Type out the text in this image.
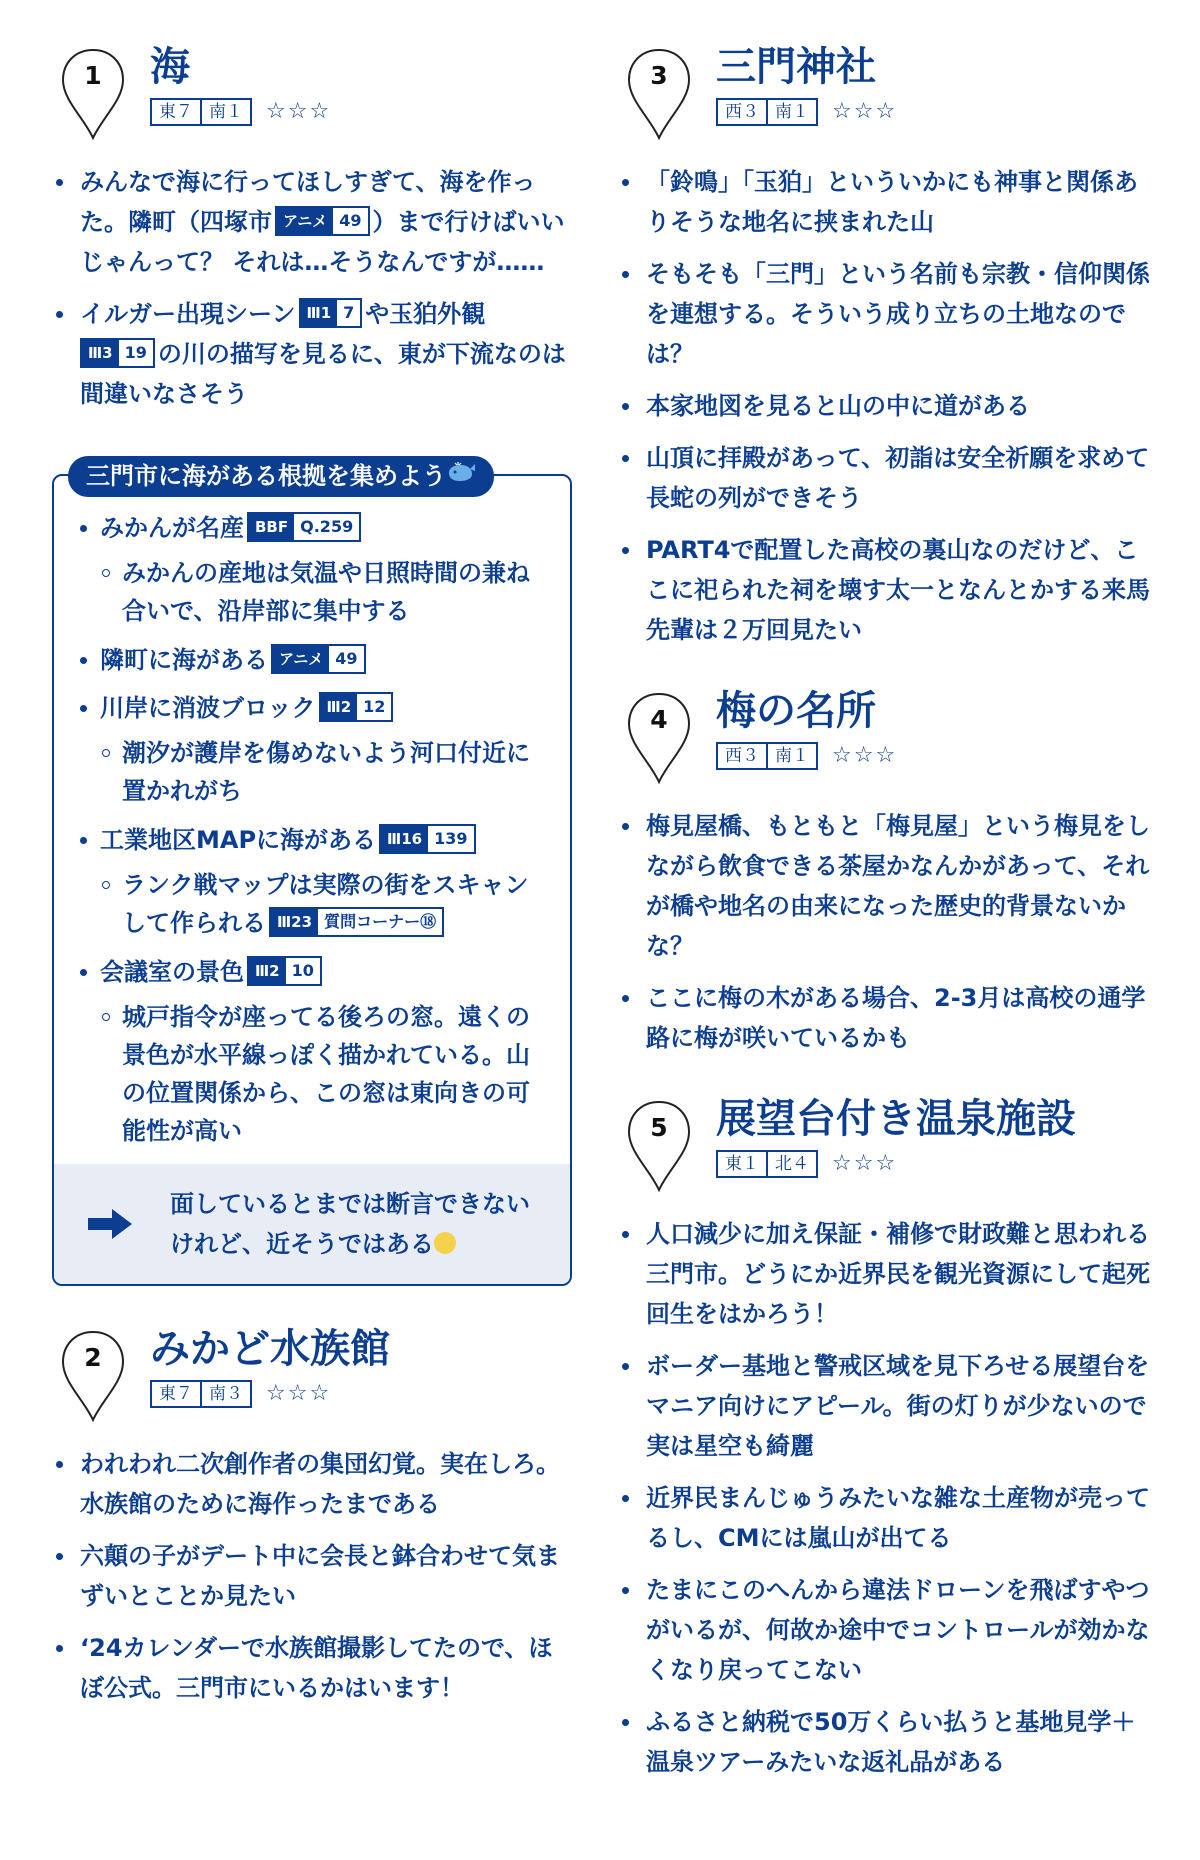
1	海
東７ 南１	☆☆☆
みんなで海に行ってほしすぎて、海を作った。隣町（四塚市 アニメ 49 ）まで行けばいいじゃんって？ それは…そうなんですが……
イルガー出現シーン Ⅲ1 7 や玉狛外観

Ⅲ3 19 の川の描写を見るに、東が下流なのは間違いなさそう
三門市に海がある根拠を集めよう
みかんが名産 BBF Q.259
みかんの産地は気温や日照時間の兼ね合いで、沿岸部に集中する
隣町に海がある アニメ 49
川岸に消波ブロック Ⅲ2 12
潮汐が護岸を傷めないよう河口付近に置かれがち
工業地区MAPに海がある Ⅲ16 139
ランク戦マップは実際の街をスキャンして作られる Ⅲ23 質問コーナー⑱
会議室の景色 Ⅲ2 10
城戸指令が座ってる後ろの窓。遠くの景色が水平線っぽく描かれている。山の位置関係から、この窓は東向きの可能性が高い
面しているとまでは断言できないけれど、近そうではある
2	みかど水族館
東７ 南３	☆☆☆
われわれ二次創作者の集団幻覚。実在しろ。水族館のために海作ったまである
六顛の子がデート中に会長と鉢合わせて気まずいとことか見たい
ʻ24カレンダーで水族館撮影してたので、ほぼ公式。三門市にいるかはいます！
3	三門神社
西３ 南１	☆☆☆
「鈴鳴」「玉狛」といういかにも神事と関係ありそうな地名に挟まれた山
そもそも「三門」という名前も宗教・信仰関係を連想する。そういう成り立ちの土地なのでは？
本家地図を見ると山の中に道がある
山頂に拝殿があって、初詣は安全祈願を求めて長蛇の列ができそう
PART4で配置した高校の裏山なのだけど、ここに祀られた祠を壊す太一となんとかする来馬先輩は２万回見たい
4	梅の名所
西３ 南１	☆☆☆
梅見屋橋、もともと「梅見屋」という梅見をしながら飲食できる茶屋かなんかがあって、それが橋や地名の由来になった歴史的背景ないかな？
ここに梅の木がある場合、2-3月は高校の通学路に梅が咲いているかも
5	展望台付き温泉施設
東１ 北４	☆☆☆
人口減少に加え保証・補修で財政難と思われる三門市。どうにか近界民を観光資源にして起死回生をはかろう！
ボーダー基地と警戒区域を見下ろせる展望台をマニア向けにアピール。街の灯りが少ないので実は星空も綺麗
近界民まんじゅうみたいな雑な土産物が売ってるし、CMには嵐山が出てる
たまにこのへんから違法ドローンを飛ばすやつがいるが、何故か途中でコントロールが効かなくなり戻ってこない
ふるさと納税で50万くらい払うと基地見学＋温泉ツアーみたいな返礼品がある
